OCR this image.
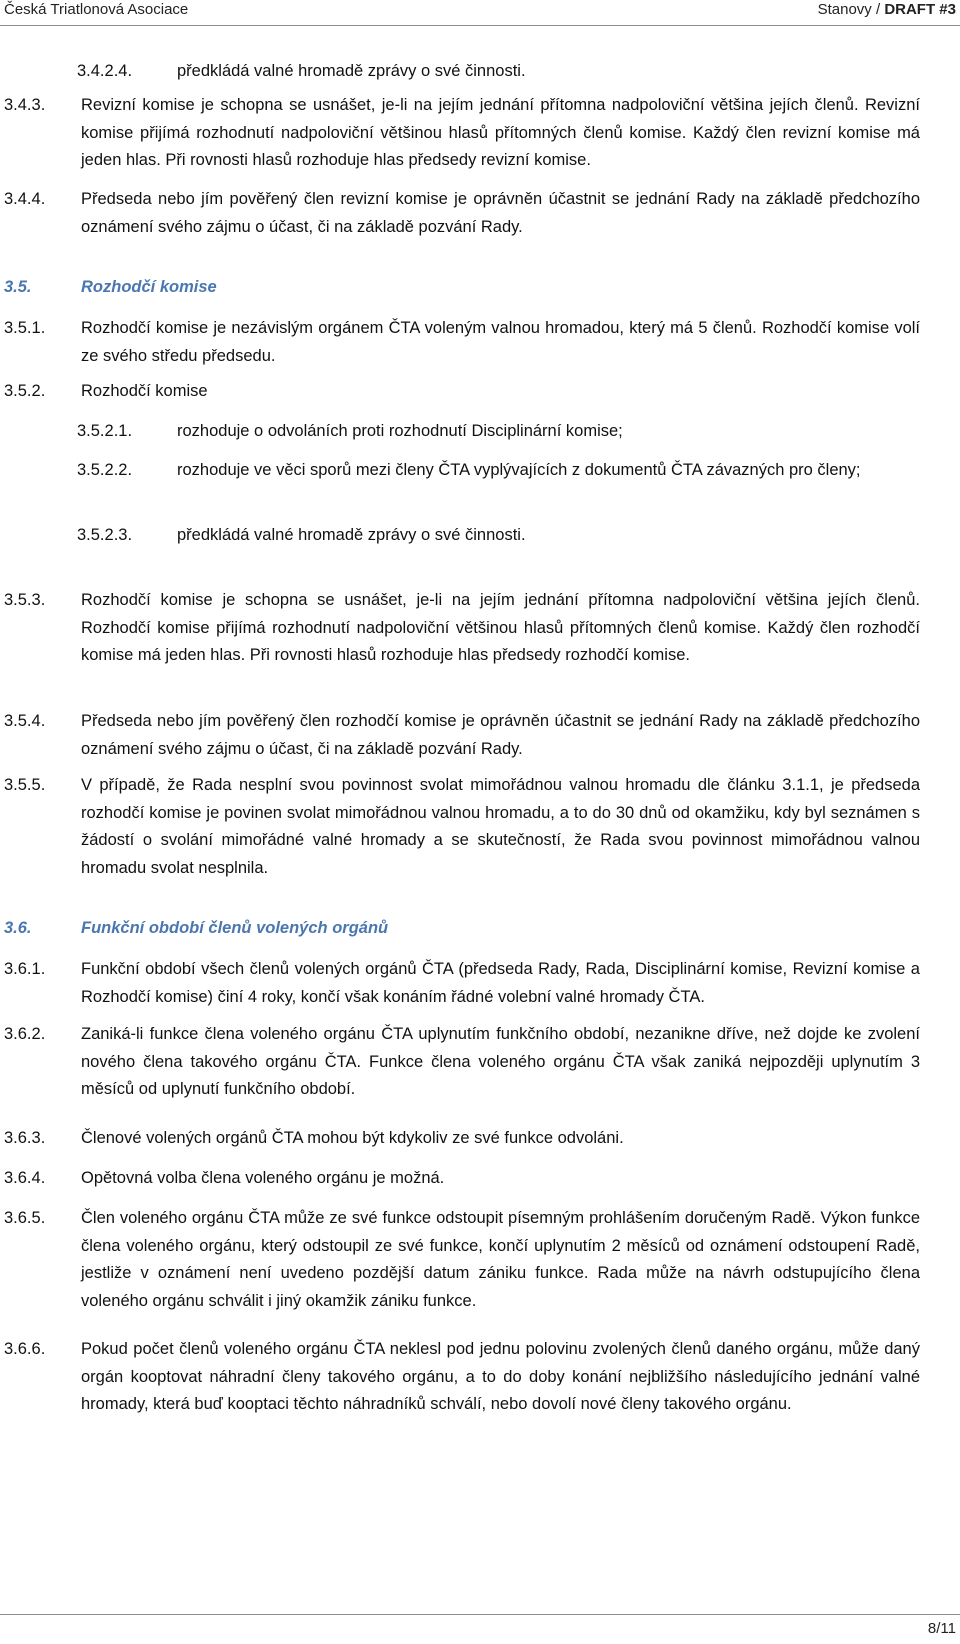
Česká Triatlonová Asociace	Stanovy / DRAFT #3
3.4.2.4.	předkládá valné hromadě zprávy o své činnosti.
3.4.3. Revizní komise je schopna se usnášet, je-li na jejím jednání přítomna nadpoloviční většina jejích členů. Revizní komise přijímá rozhodnutí nadpoloviční většinou hlasů přítomných členů komise. Každý člen revizní komise má jeden hlas. Při rovnosti hlasů rozhoduje hlas předsedy revizní komise.
3.4.4. Předseda nebo jím pověřený člen revizní komise je oprávněn účastnit se jednání Rady na základě předchozího oznámení svého zájmu o účast, či na základě pozvání Rady.
3.5.	Rozhodčí komise
3.5.1. Rozhodčí komise je nezávislým orgánem ČTA voleným valnou hromadou, který má 5 členů. Rozhodčí komise volí ze svého středu předsedu.
3.5.2. Rozhodčí komise
3.5.2.1.	rozhoduje o odvoláních proti rozhodnutí Disciplinární komise;
3.5.2.2.	rozhoduje ve věci sporů mezi členy ČTA vyplývajících z dokumentů ČTA závazných pro členy;
3.5.2.3.	předkládá valné hromadě zprávy o své činnosti.
3.5.3. Rozhodčí komise je schopna se usnášet, je-li na jejím jednání přítomna nadpoloviční většina jejích členů. Rozhodčí komise přijímá rozhodnutí nadpoloviční většinou hlasů přítomných členů komise. Každý člen rozhodčí komise má jeden hlas. Při rovnosti hlasů rozhoduje hlas předsedy rozhodčí komise.
3.5.4. Předseda nebo jím pověřený člen rozhodčí komise je oprávněn účastnit se jednání Rady na základě předchozího oznámení svého zájmu o účast, či na základě pozvání Rady.
3.5.5. V případě, že Rada nesplní svou povinnost svolat mimořádnou valnou hromadu dle článku 3.1.1, je předseda rozhodčí komise je povinen svolat mimořádnou valnou hromadu, a to do 30 dnů od okamžiku, kdy byl seznámen s žádostí o svolání mimořádné valné hromady a se skutečností, že Rada svou povinnost mimořádnou valnou hromadu svolat nesplnila.
3.6.	Funkční období členů volených orgánů
3.6.1. Funkční období všech členů volených orgánů ČTA (předseda Rady, Rada, Disciplinární komise, Revizní komise a Rozhodčí komise) činí 4 roky, končí však konáním řádné volební valné hromady ČTA.
3.6.2. Zaniká-li funkce člena voleného orgánu ČTA uplynutím funkčního období, nezanikne dříve, než dojde ke zvolení nového člena takového orgánu ČTA. Funkce člena voleného orgánu ČTA však zaniká nejpozději uplynutím 3 měsíců od uplynutí funkčního období.
3.6.3. Členové volených orgánů ČTA mohou být kdykoliv ze své funkce odvoláni.
3.6.4. Opětovná volba člena voleného orgánu je možná.
3.6.5. Člen voleného orgánu ČTA může ze své funkce odstoupit písemným prohlášením doručeným Radě. Výkon funkce člena voleného orgánu, který odstoupil ze své funkce, končí uplynutím 2 měsíců od oznámení odstoupení Radě, jestliže v oznámení není uvedeno pozdější datum zániku funkce. Rada může na návrh odstupujícího člena voleného orgánu schválit i jiný okamžik zániku funkce.
3.6.6. Pokud počet členů voleného orgánu ČTA neklesl pod jednu polovinu zvolených členů daného orgánu, může daný orgán kooptovat náhradní členy takového orgánu, a to do doby konání nejbližšího následujícího jednání valné hromady, která buď kooptaci těchto náhradníků schválí, nebo dovolí nové členy takového orgánu.
8/11
